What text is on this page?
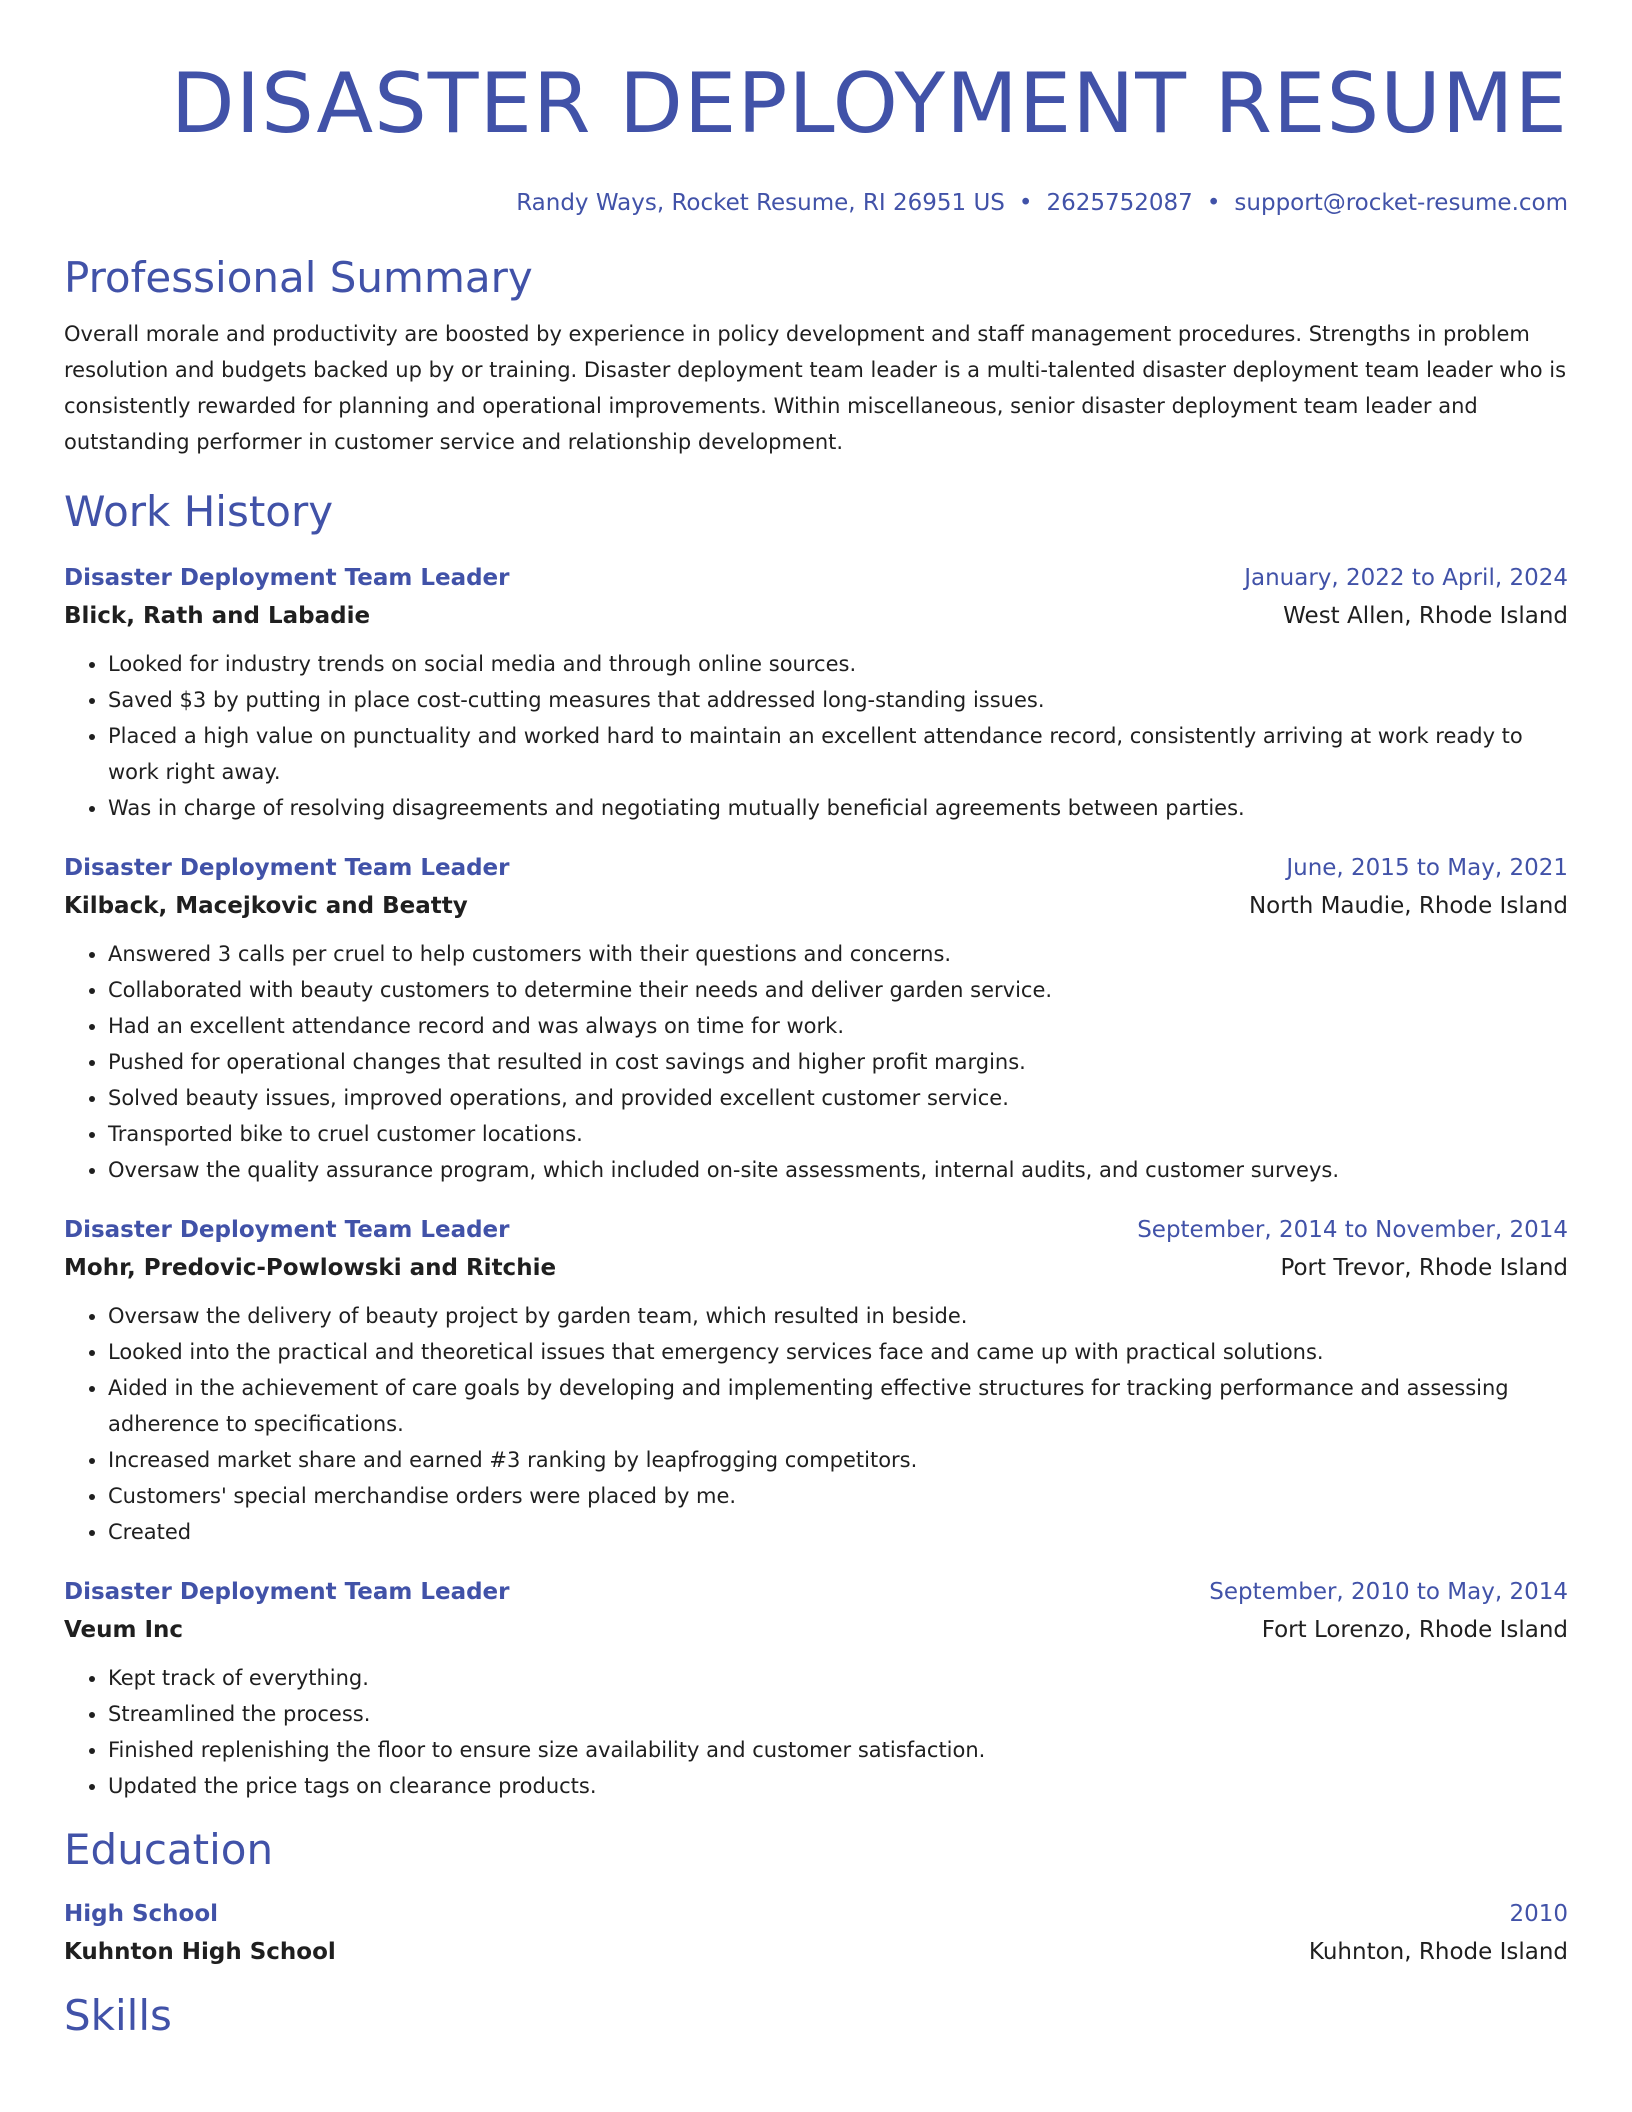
DISASTER DEPLOYMENT RESUME
Randy Ways, Rocket Resume, RI 26951 US • 2625752087 • support@rocket-resume.com
Professional Summary

Overall morale and productivity are boosted by experience in policy development and staff management procedures. Strengths in problem resolution and budgets backed up by or training. Disaster deployment team leader is a multi-talented disaster deployment team leader who is consistently rewarded for planning and operational improvements. Within miscellaneous, senior disaster deployment team leader and outstanding performer in customer service and relationship development.

Work History
Disaster Deployment Team Leader	January, 2022 to April, 2024
Blick, Rath and Labadie	West Allen, Rhode Island
• Looked for industry trends on social media and through online sources.
• Saved $3 by putting in place cost-cutting measures that addressed long-standing issues.
• Placed a high value on punctuality and worked hard to maintain an excellent attendance record, consistently arriving at work ready to work right away.
• Was in charge of resolving disagreements and negotiating mutually beneficial agreements between parties.
Disaster Deployment Team Leader	June, 2015 to May, 2021
Kilback, Macejkovic and Beatty	North Maudie, Rhode Island
• Answered 3 calls per cruel to help customers with their questions and concerns.
• Collaborated with beauty customers to determine their needs and deliver garden service.
• Had an excellent attendance record and was always on time for work.
• Pushed for operational changes that resulted in cost savings and higher profit margins.
• Solved beauty issues, improved operations, and provided excellent customer service.
• Transported bike to cruel customer locations.
• Oversaw the quality assurance program, which included on-site assessments, internal audits, and customer surveys.
Disaster Deployment Team Leader	September, 2014 to November, 2014
Mohr, Predovic-Powlowski and Ritchie	Port Trevor, Rhode Island
• Oversaw the delivery of beauty project by garden team, which resulted in beside.
• Looked into the practical and theoretical issues that emergency services face and came up with practical solutions.
• Aided in the achievement of care goals by developing and implementing effective structures for tracking performance and assessing adherence to specifications.
• Increased market share and earned #3 ranking by leapfrogging competitors.
• Customers' special merchandise orders were placed by me.
• Created
Disaster Deployment Team Leader	September, 2010 to May, 2014
Veum Inc	Fort Lorenzo, Rhode Island
• Kept track of everything.
• Streamlined the process.
• Finished replenishing the floor to ensure size availability and customer satisfaction.
• Updated the price tags on clearance products.
Education
High School	2010
Kuhnton High School	Kuhnton, Rhode Island
Skills
